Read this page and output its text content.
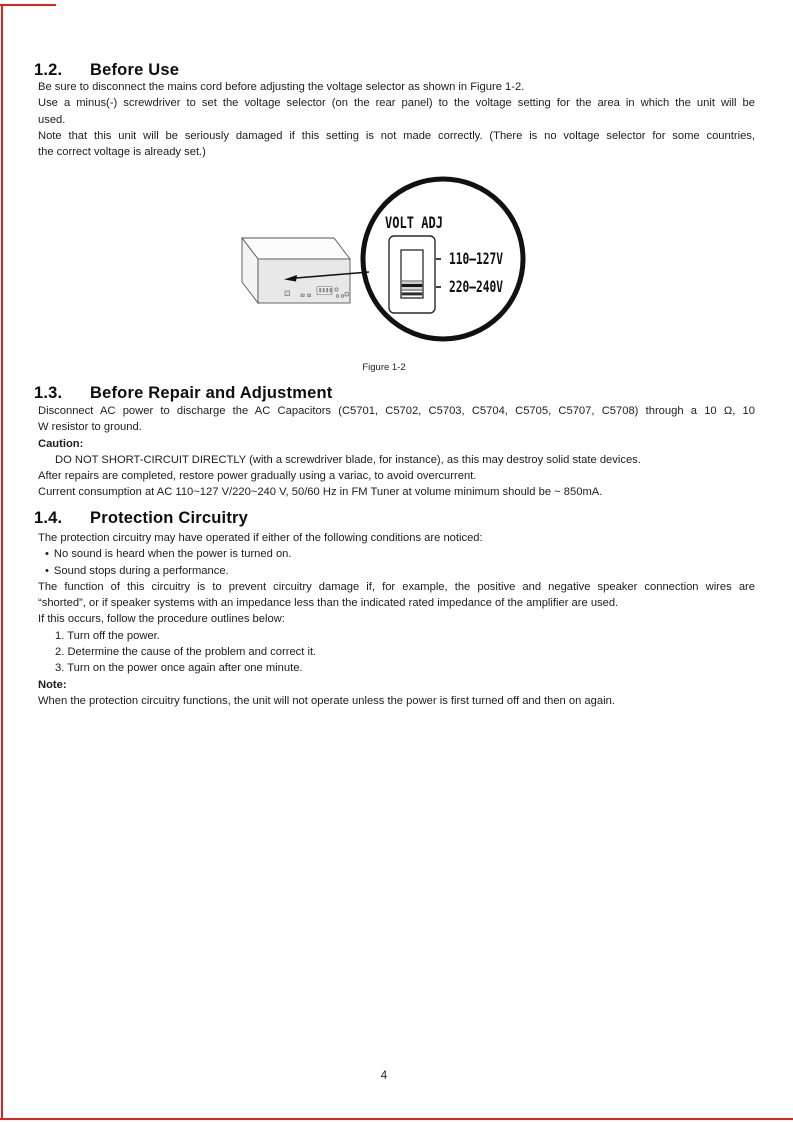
1.2.	Before Use
Be sure to disconnect the mains cord before adjusting the voltage selector as shown in Figure 1-2.
Use a minus(-) screwdriver to set the voltage selector (on the rear panel) to the voltage setting for the area in which the unit will be
used.
Note that this unit will be seriously damaged if this setting is not made correctly. (There is no voltage selector for some countries,
the correct voltage is already set.)
VOLT ADJ
110–127V
220–240V
Figure 1-2
1.3.	Before Repair and Adjustment
Disconnect AC power to discharge the AC Capacitors (C5701, C5702, C5703, C5704, C5705, C5707, C5708) through a 10 Ω, 10
W resistor to ground.
Caution:
DO NOT SHORT-CIRCUIT DIRECTLY (with a screwdriver blade, for instance), as this may destroy solid state devices.
After repairs are completed, restore power gradually using a variac, to avoid overcurrent.
Current consumption at AC 110~127 V/220~240 V, 50/60 Hz in FM Tuner at volume minimum should be ~ 850mA.
1.4.	Protection Circuitry
The protection circuitry may have operated if either of the following conditions are noticed:
• No sound is heard when the power is turned on.
• Sound stops during a performance.
The function of this circuitry is to prevent circuitry damage if, for example, the positive and negative speaker connection wires are
“shorted”, or if speaker systems with an impedance less than the indicated rated impedance of the amplifier are used.
If this occurs, follow the procedure outlines below:
1. Turn off the power.
2. Determine the cause of the problem and correct it.
3. Turn on the power once again after one minute.
Note:
When the protection circuitry functions, the unit will not operate unless the power is first turned off and then on again.
4
